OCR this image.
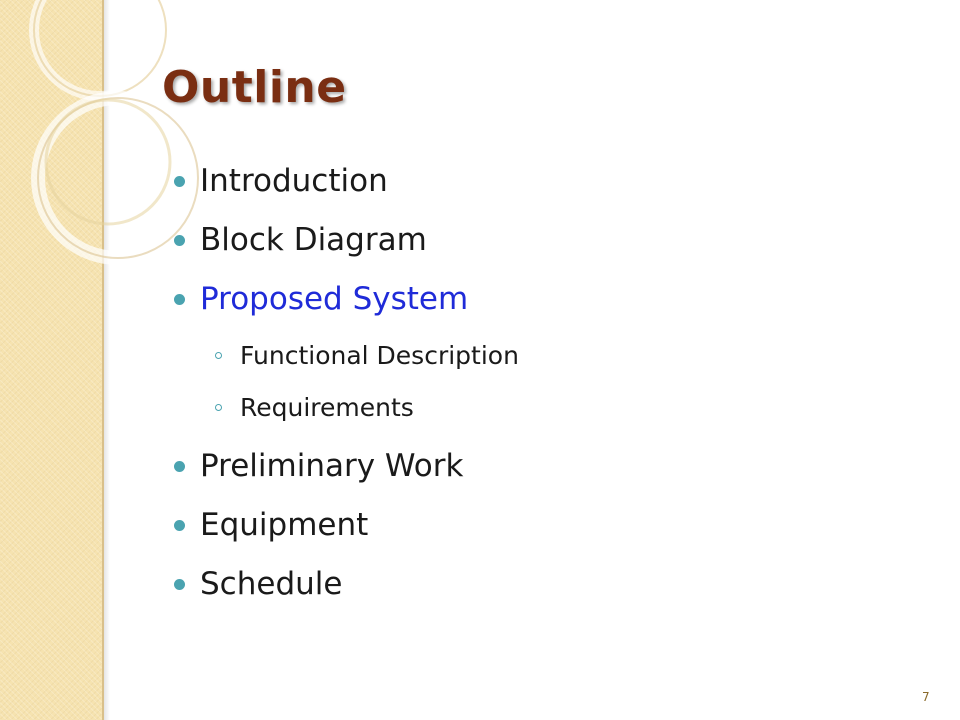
Outline
Introduction
Block Diagram
Proposed System
Functional Description
Requirements
Preliminary Work
Equipment
Schedule
7
